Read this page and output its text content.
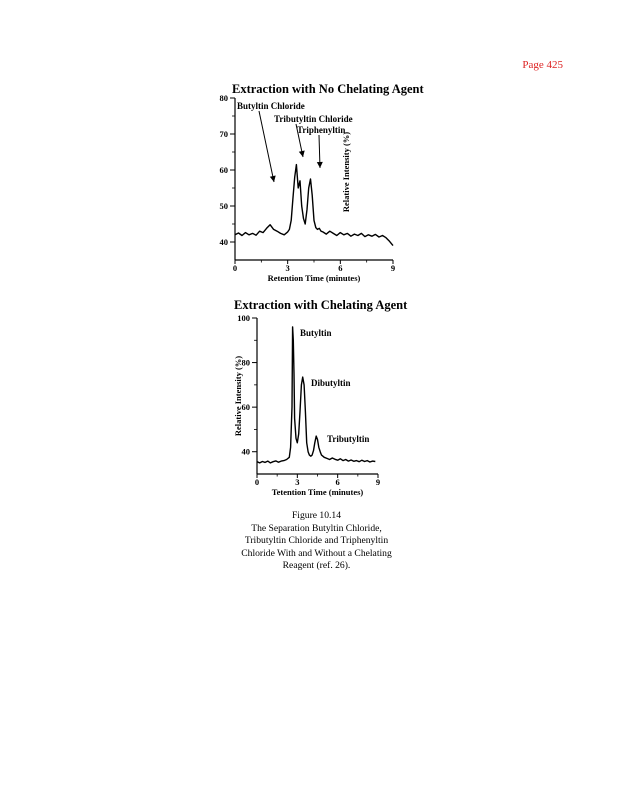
Page 425
Extraction with No Chelating Agent
Extraction with Chelating Agent
40
50
60
70
80
0	3	6	9
Retention Time (minutes)
Relative Intensity (%)
Butyltin Chloride
Tributyltin Chloride
Triphenyltin
40
60
80
100
0	3	6	9
Tetention Time (minutes)
Relative Intensity (%)
Butyltin
Dibutyltin
Tributyltin
Figure 10.14
The Separation Butyltin Chloride,
Tributyltin Chloride and Triphenyltin
Chloride With and Without a Chelating
Reagent (ref. 26).
